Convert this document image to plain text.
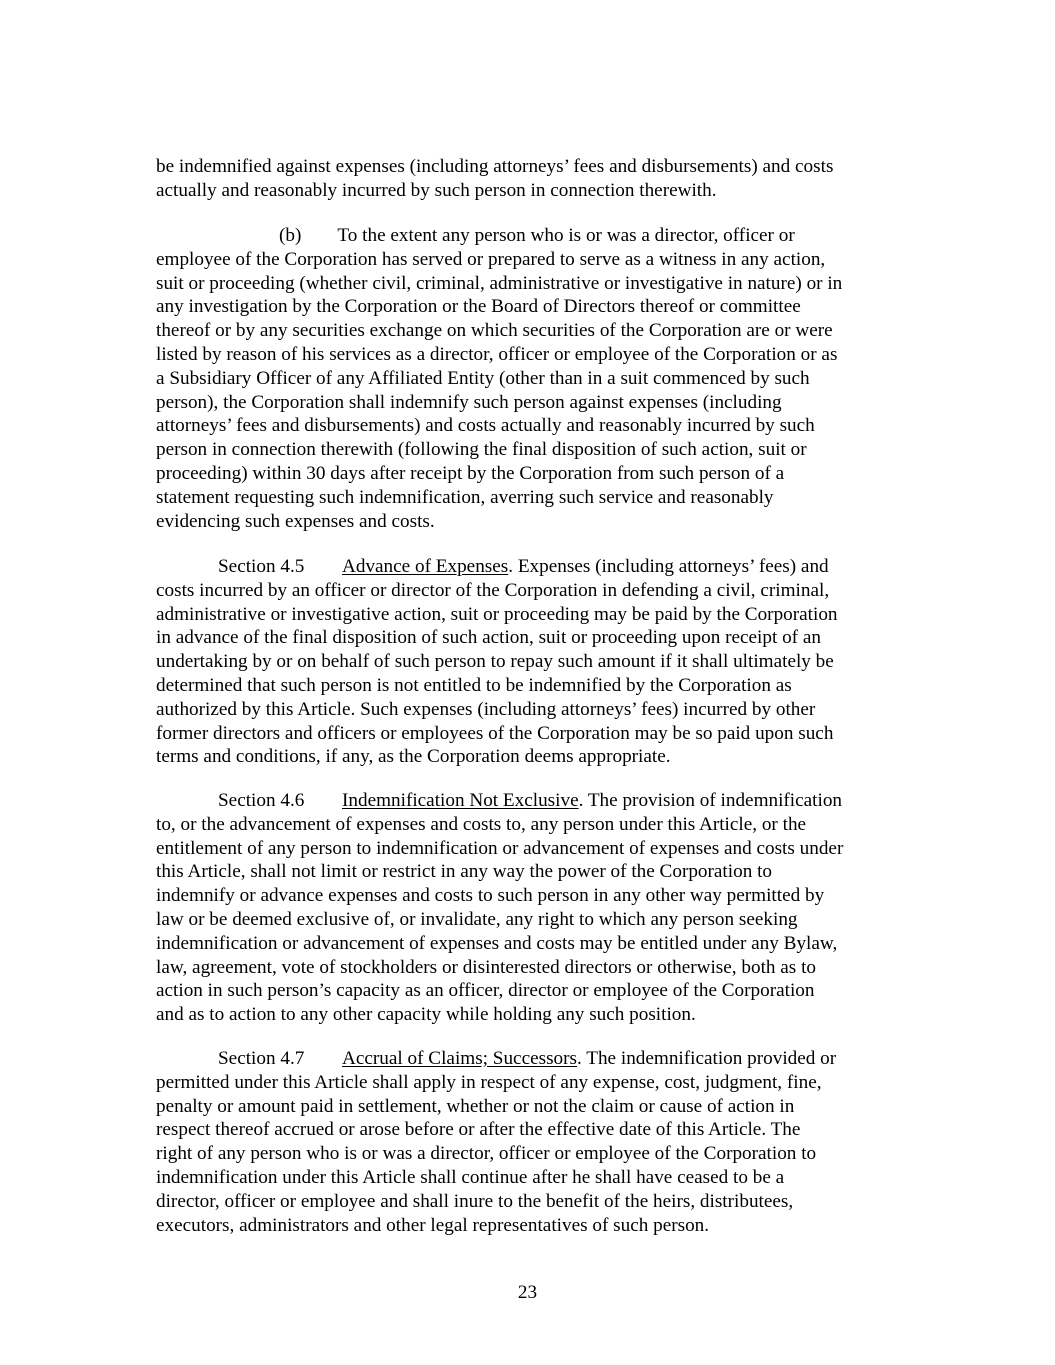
be indemnified against expenses (including attorneys’ fees and disbursements) and costs
actually and reasonably incurred by such person in connection therewith.

(b) To the extent any person who is or was a director, officer or
employee of the Corporation has served or prepared to serve as a witness in any action,
suit or proceeding (whether civil, criminal, administrative or investigative in nature) or in
any investigation by the Corporation or the Board of Directors thereof or committee
thereof or by any securities exchange on which securities of the Corporation are or were
listed by reason of his services as a director, officer or employee of the Corporation or as
a Subsidiary Officer of any Affiliated Entity (other than in a suit commenced by such
person), the Corporation shall indemnify such person against expenses (including
attorneys’ fees and disbursements) and costs actually and reasonably incurred by such
person in connection therewith (following the final disposition of such action, suit or
proceeding) within 30 days after receipt by the Corporation from such person of a
statement requesting such indemnification, averring such service and reasonably
evidencing such expenses and costs.

Section 4.5 Advance of Expenses. Expenses (including attorneys’ fees) and
costs incurred by an officer or director of the Corporation in defending a civil, criminal,
administrative or investigative action, suit or proceeding may be paid by the Corporation
in advance of the final disposition of such action, suit or proceeding upon receipt of an
undertaking by or on behalf of such person to repay such amount if it shall ultimately be
determined that such person is not entitled to be indemnified by the Corporation as
authorized by this Article. Such expenses (including attorneys’ fees) incurred by other
former directors and officers or employees of the Corporation may be so paid upon such
terms and conditions, if any, as the Corporation deems appropriate.

Section 4.6 Indemnification Not Exclusive. The provision of indemnification
to, or the advancement of expenses and costs to, any person under this Article, or the
entitlement of any person to indemnification or advancement of expenses and costs under
this Article, shall not limit or restrict in any way the power of the Corporation to
indemnify or advance expenses and costs to such person in any other way permitted by
law or be deemed exclusive of, or invalidate, any right to which any person seeking
indemnification or advancement of expenses and costs may be entitled under any Bylaw,
law, agreement, vote of stockholders or disinterested directors or otherwise, both as to
action in such person’s capacity as an officer, director or employee of the Corporation
and as to action to any other capacity while holding any such position.

Section 4.7 Accrual of Claims; Successors. The indemnification provided or
permitted under this Article shall apply in respect of any expense, cost, judgment, fine,
penalty or amount paid in settlement, whether or not the claim or cause of action in
respect thereof accrued or arose before or after the effective date of this Article. The
right of any person who is or was a director, officer or employee of the Corporation to
indemnification under this Article shall continue after he shall have ceased to be a
director, officer or employee and shall inure to the benefit of the heirs, distributees,
executors, administrators and other legal representatives of such person.

23
